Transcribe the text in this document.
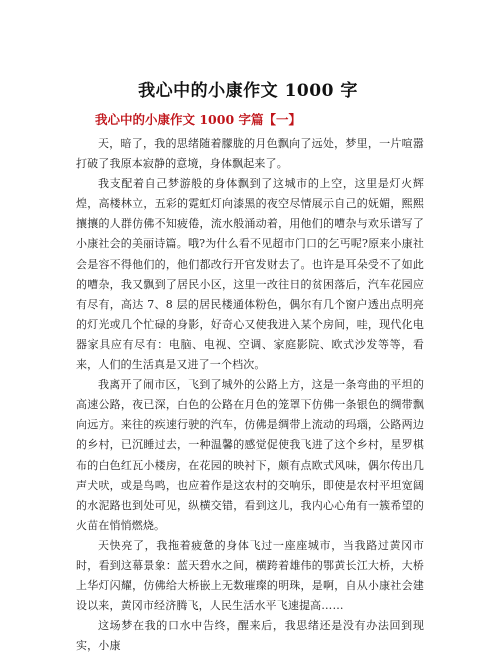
我心中的小康作文 1000 字
我心中的小康作文 1000 字篇【一】

天，暗了，我的思绪随着朦胧的月色飘向了远处，梦里，一片喧嚣打破了我原本寂静的意境，身体飘起来了。

我支配着自己梦游般的身体飘到了这城市的上空，这里是灯火辉煌，高楼林立，五彩的霓虹灯向漆黑的夜空尽情展示自己的妩媚，熙熙攘攘的人群仿佛不知疲倦，流水般涌动着，用他们的嘈杂与欢乐谱写了小康社会的美丽诗篇。哦?为什么看不见超市门口的乞丐呢?原来小康社会是容不得他们的，他们都改行开官发财去了。也许是耳朵受不了如此的嘈杂，我又飘到了居民小区，这里一改往日的贫困落后，汽车花园应有尽有，高达 7、8 层的居民楼通体粉色，偶尔有几个窗户透出点明亮的灯光或几个忙碌的身影，好奇心又使我进入某个房间，哇，现代化电器家具应有尽有：电脑、电视、空调、家庭影院、欧式沙发等等，看来，人们的生活真是又进了一个档次。

我离开了闹市区，飞到了城外的公路上方，这是一条弯曲的平坦的高速公路，夜已深，白色的公路在月色的笼罩下仿佛一条银色的绸带飘向远方。来往的疾速行驶的汽车，仿佛是绸带上流动的玛瑙，公路两边的乡村，已沉睡过去，一种温馨的感觉促使我飞进了这个乡村，星罗棋布的白色红瓦小楼房，在花园的映衬下，颇有点欧式风味，偶尔传出几声犬吠，或是鸟鸣，也应着作是这农村的交响乐，即使是农村平坦宽阔的水泥路也到处可见，纵横交错，看到这儿，我内心心角有一簇希望的火苗在悄悄燃烧。

天快亮了，我拖着疲惫的身体飞过一座座城市，当我路过黄冈市时，看到这幕景象：蓝天碧水之间，横跨着雄伟的鄂黄长江大桥，大桥上华灯闪耀，仿佛给大桥嵌上无数璀璨的明珠，是啊，自从小康社会建设以来，黄冈市经济腾飞，人民生活水平飞速提高……

这场梦在我的口水中告终，醒来后，我思绪还是没有办法回到现实，小康
